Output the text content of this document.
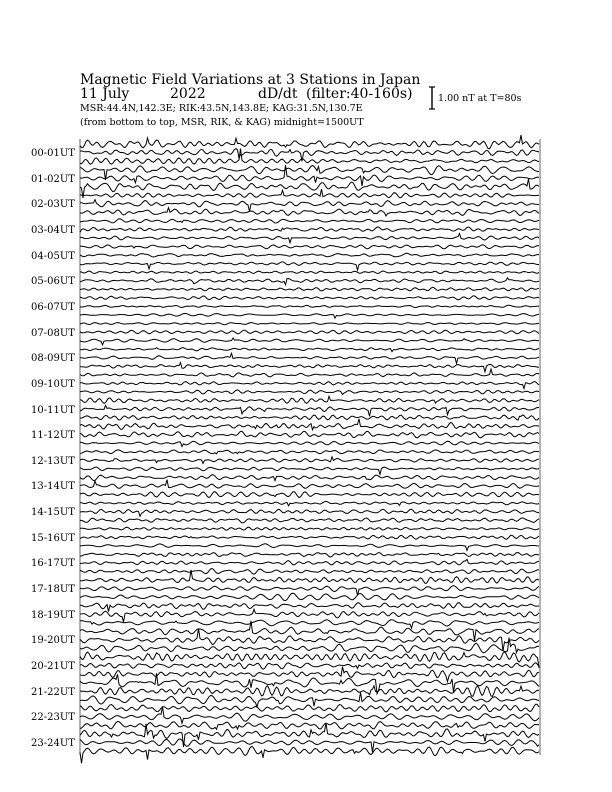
Magnetic Field Variations at 3 Stations in Japan
11 July	2022	dD/dt (filter:40-160s)
MSR:44.4N,142.3E; RIK:43.5N,143.8E; KAG:31.5N,130.7E
(from bottom to top, MSR, RIK, & KAG) midnight=1500UT
1.00 nT at T=80s
00-01UT
01-02UT
02-03UT
03-04UT
04-05UT
05-06UT
06-07UT
07-08UT
08-09UT
09-10UT
10-11UT
11-12UT
12-13UT
13-14UT
14-15UT
15-16UT
16-17UT
17-18UT
18-19UT
19-20UT
20-21UT
21-22UT
22-23UT
23-24UT
